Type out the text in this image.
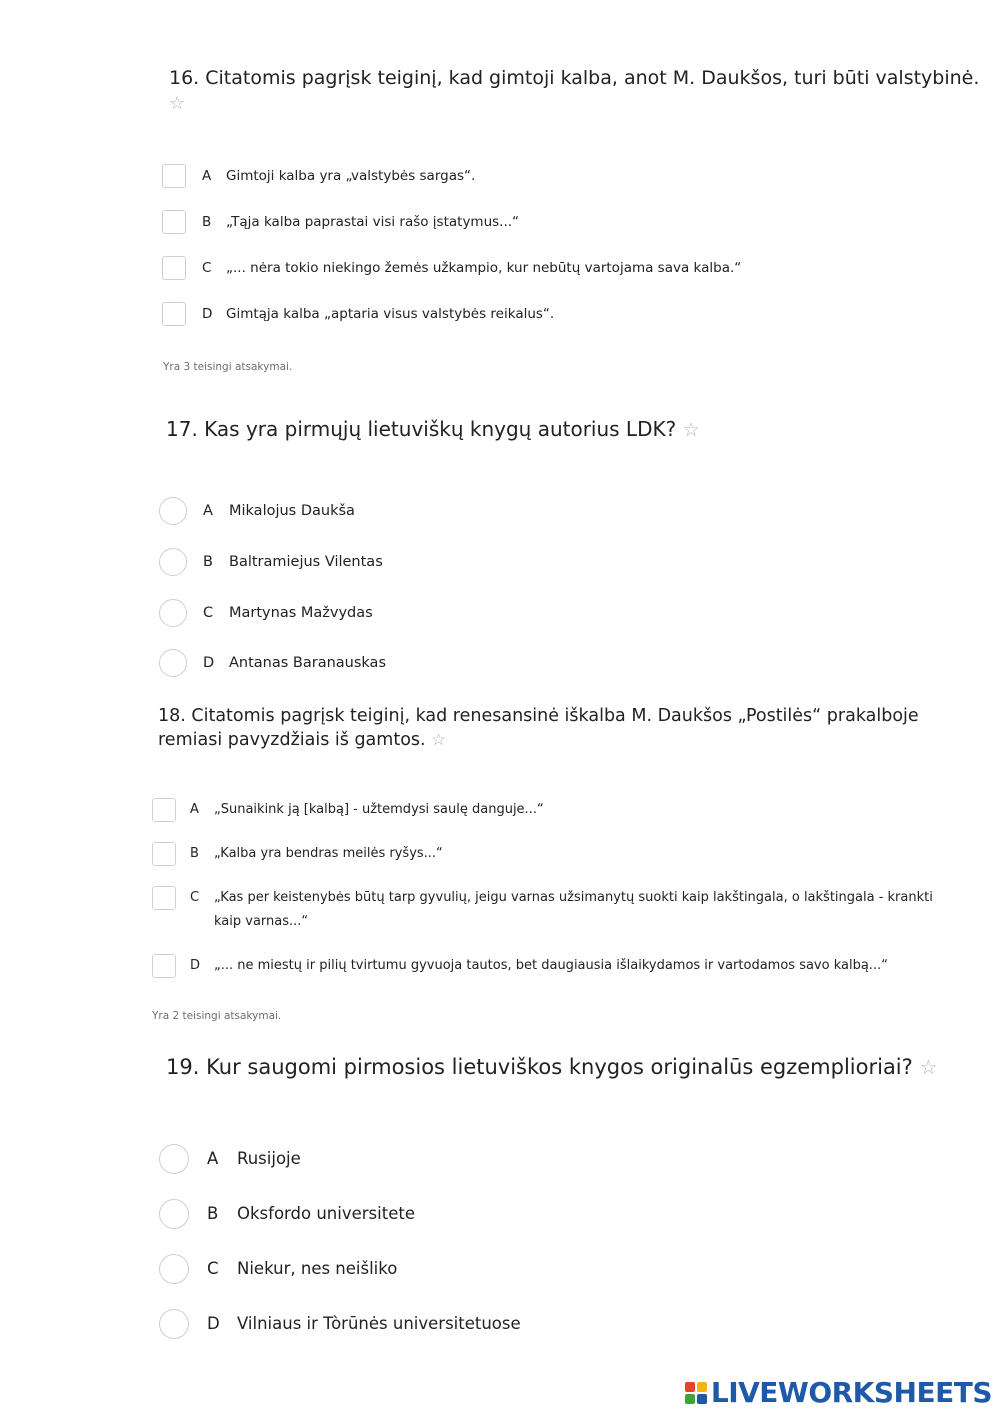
16. Citatomis pagrįsk teiginį, kad gimtoji kalba, anot M. Daukšos, turi būti valstybinė.
☆
A	Gimtoji kalba yra „valstybės sargas“.
B	„Tąja kalba paprastai visi rašo įstatymus...“
C	„... nėra tokio niekingo žemės užkampio, kur nebūtų vartojama sava kalba.“
D	Gimtąja kalba „aptaria visus valstybės reikalus“.
Yra 3 teisingi atsakymai.
17. Kas yra pirmųjų lietuviškų knygų autorius LDK? ☆
A	Mikalojus Daukša
B	Baltramiejus Vilentas
C	Martynas Mažvydas
D	Antanas Baranauskas
18. Citatomis pagrįsk teiginį, kad renesansinė iškalba M. Daukšos „Postilės“ prakalboje
remiasi pavyzdžiais iš gamtos. ☆
A	„Sunaikink ją [kalbą] - užtemdysi saulę danguje...“
B	„Kalba yra bendras meilės ryšys...“
C	„Kas per keistenybės būtų tarp gyvulių, jeigu varnas užsimanytų suokti kaip lakštingala, o lakštingala - krankti kaip varnas...“
D	„... ne miestų ir pilių tvirtumu gyvuoja tautos, bet daugiausia išlaikydamos ir vartodamos savo kalbą...“
Yra 2 teisingi atsakymai.
19. Kur saugomi pirmosios lietuviškos knygos originalūs egzemplioriai? ☆
A	Rusijoje
B	Oksfordo universitete
C	Niekur, nes neišliko
D	Vilniaus ir Tòrūnės universitetuose
LIVEWORKSHEETS
